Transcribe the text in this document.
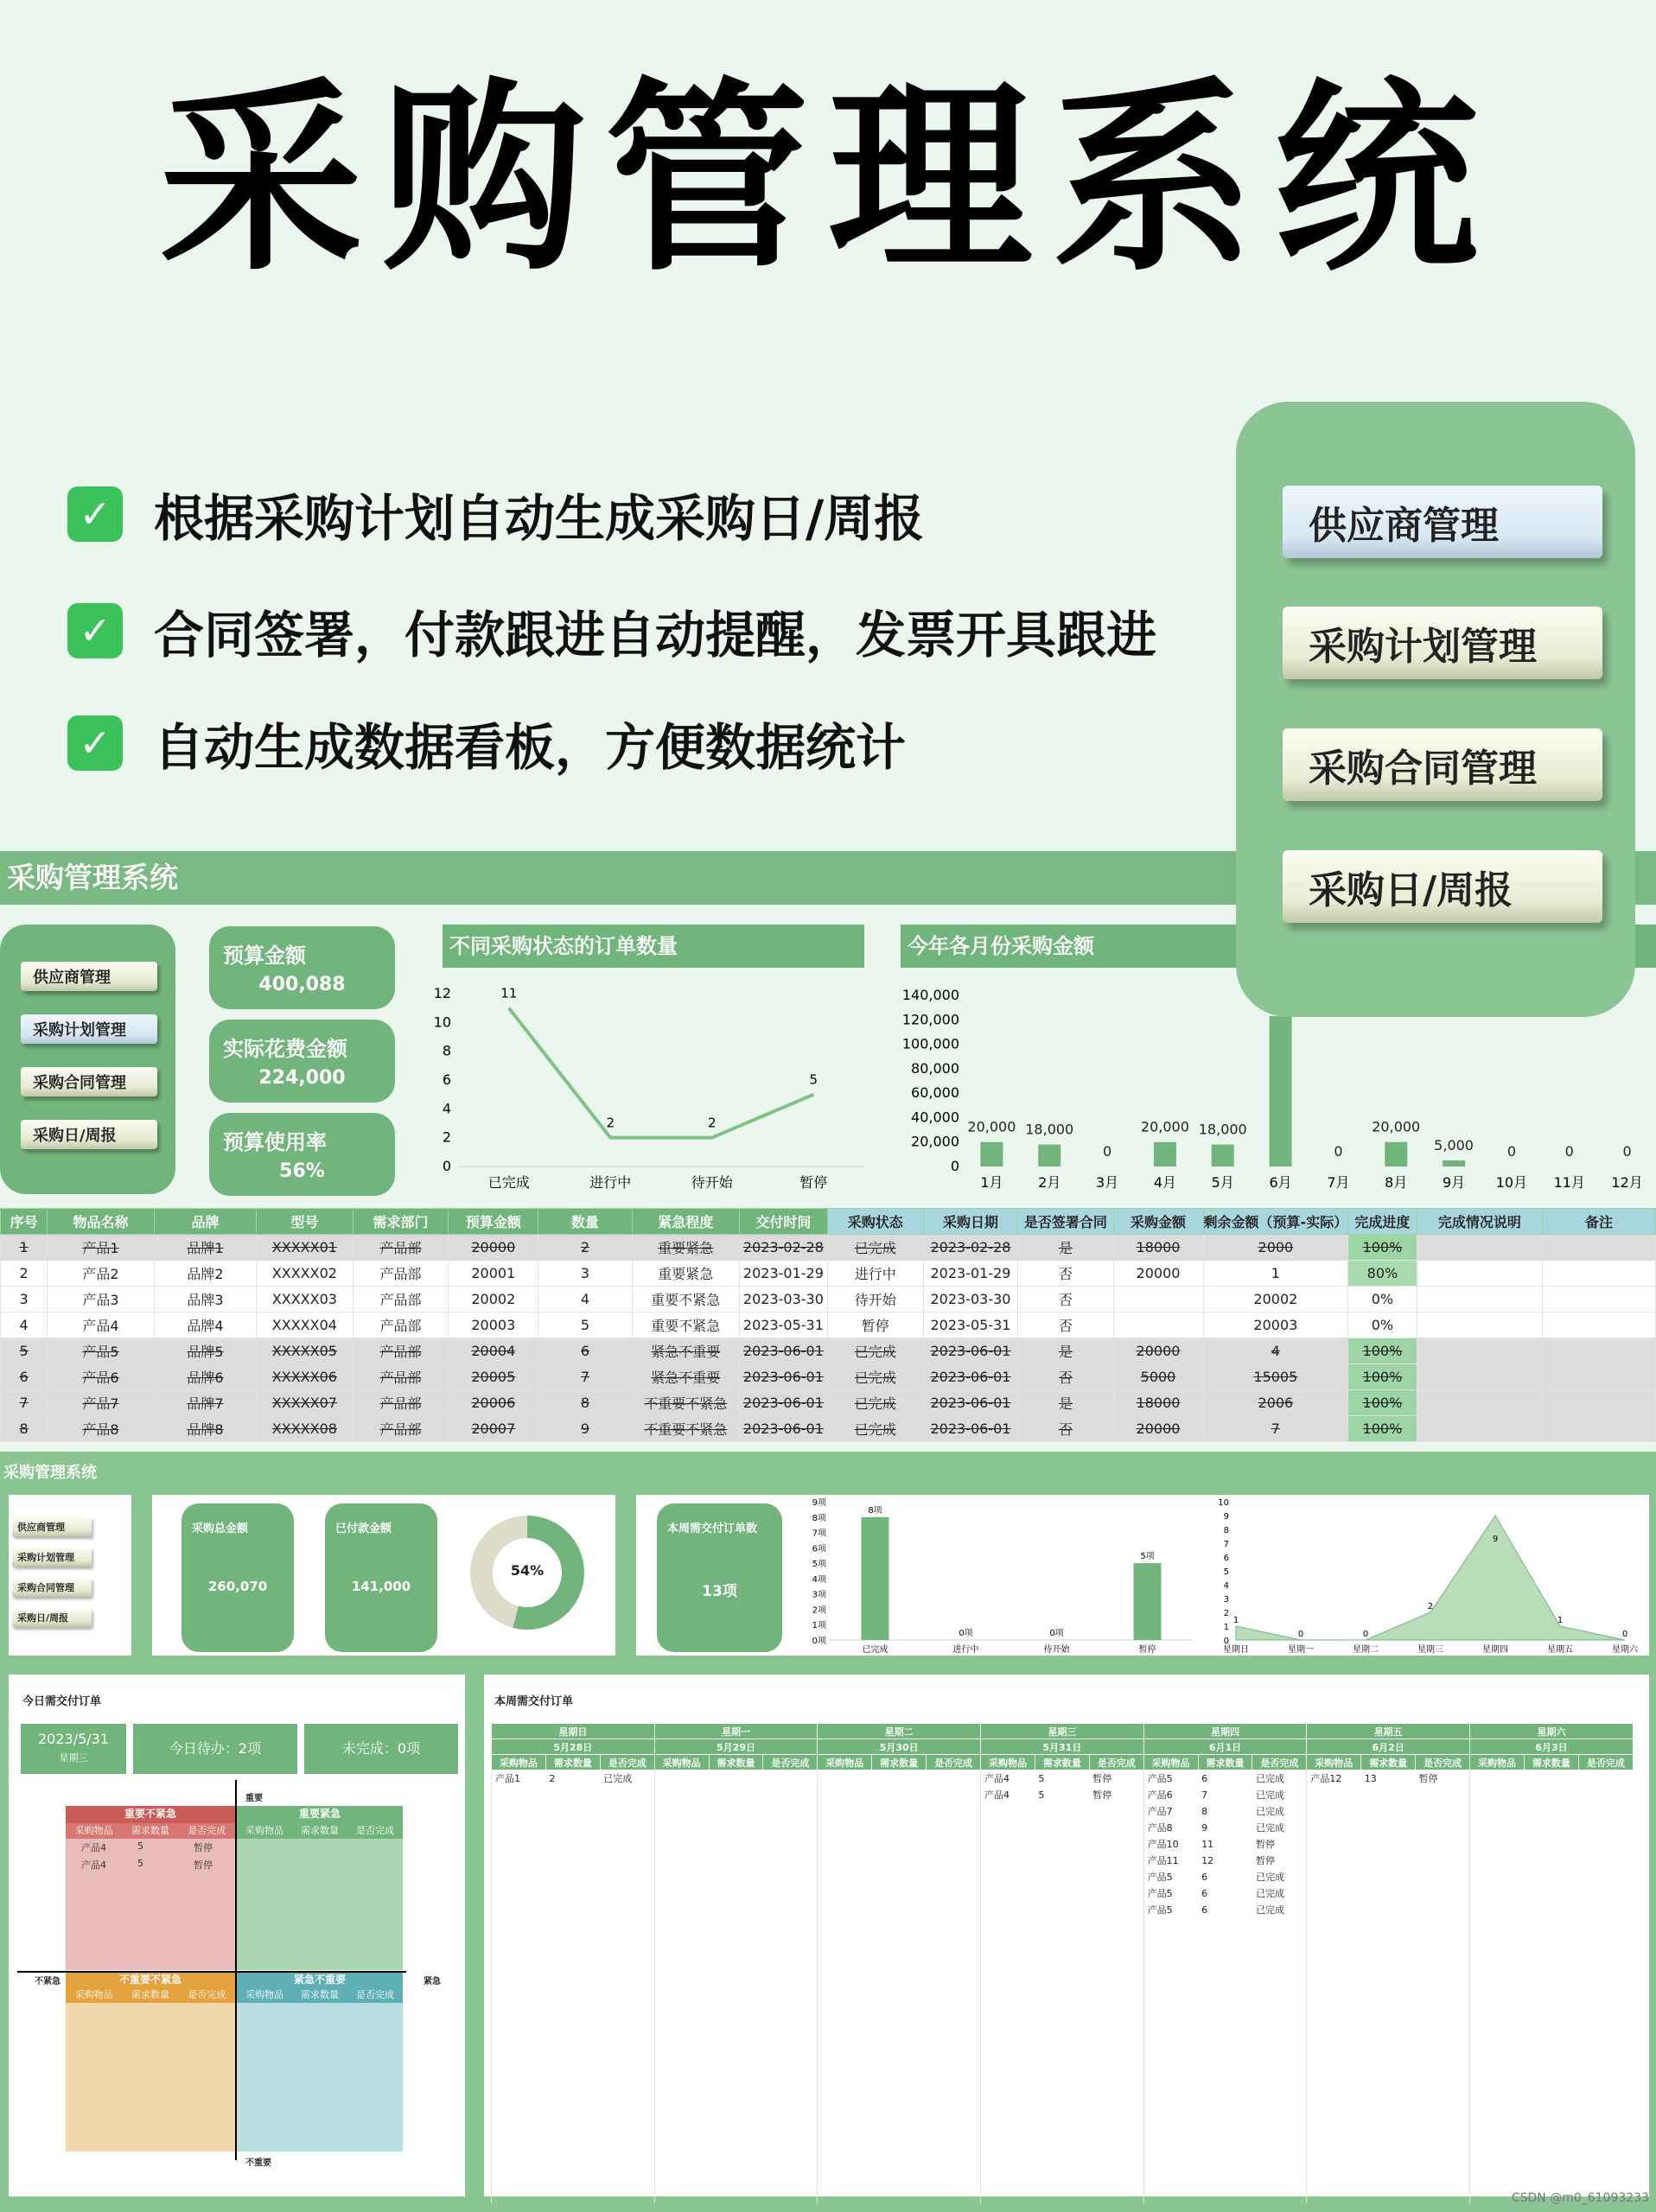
采购管理系统
✓ 根据采购计划自动生成采购日/周报
✓ 合同签署，付款跟进自动提醒，发票开具跟进
✓ 自动生成数据看板，方便数据统计
采购管理系统
供应商管理
采购计划管理
采购合同管理
采购日/周报
预算金额
400,088
实际花费金额
224,000
预算使用率
56%
不同采购状态的订单数量
0
2
4
6
8
10
12
已完成
11
进行中
2
待开始
2
暂停
5
今年各月份采购金额
0
20,000
40,000
60,000
80,000
100,000
120,000
140,000
20,000
1月
18,000
2月
0
3月
20,000
4月
18,000
5月	6月
0
7月
20,000
8月
5,000
9月
0
10月
0
11月
0
12月
序号	物品名称	品牌	型号	需求部门	预算金额	数量	紧急程度	交付时间	采购状态	采购日期	是否签署合同	采购金额	剩余金额（预算-实际）	完成进度	完成情况说明	备注
1	产品1	品牌1	XXXXX01	产品部	20000	2	重要紧急	2023-02-28	已完成	2023-02-28	是	18000	2000	100%		
2	产品2	品牌2	XXXXX02	产品部	20001	3	重要紧急	2023-01-29	进行中	2023-01-29	否	20000	1	80%		
3	产品3	品牌3	XXXXX03	产品部	20002	4	重要不紧急	2023-03-30	待开始	2023-03-30	否		20002	0%		
4	产品4	品牌4	XXXXX04	产品部	20003	5	重要不紧急	2023-05-31	暂停	2023-05-31	否		20003	0%		
5	产品5	品牌5	XXXXX05	产品部	20004	6	紧急不重要	2023-06-01	已完成	2023-06-01	是	20000	4	100%		
6	产品6	品牌6	XXXXX06	产品部	20005	7	紧急不重要	2023-06-01	已完成	2023-06-01	否	5000	15005	100%		
7	产品7	品牌7	XXXXX07	产品部	20006	8	不重要不紧急	2023-06-01	已完成	2023-06-01	是	18000	2006	100%		
8	产品8	品牌8	XXXXX08	产品部	20007	9	不重要不紧急	2023-06-01	已完成	2023-06-01	否	20000	7	100%		
供应商管理
采购计划管理
采购合同管理
采购日/周报
采购管理系统
供应商管理
采购计划管理
采购合同管理
采购日/周报
采购总金额
260,070
已付款金额
141,000
54%
本周需交付订单数
13项
0项
1项
2项
3项
4项
5项
6项
7项
8项
9项
8项
已完成
0项
进行中
0项
待开始
5项
暂停
0
1
2
3
4
5
6
7
8
9
10
星期日	星期一	星期二	星期三	星期四	星期五	星期六
1
0	0
2
9
1
0
今日需交付订单
2023/5/31
星期三
今日待办：2项	未完成：0项
重要不紧急
采购物品 需求数量 是否完成
产品4	5	暂停
产品4	5	暂停
重要紧急
采购物品 需求数量 是否完成
不重要不紧急
采购物品 需求数量 是否完成
紧急不重要
采购物品 需求数量 是否完成
重要
不重要
不紧急	紧急
本周需交付订单
星期日			星期一			星期二			星期三			星期四			星期五			星期六		
5月28日			5月29日			5月30日			5月31日			6月1日			6月2日			6月3日		
采购物品	需求数量	是否完成	采购物品	需求数量	是否完成	采购物品	需求数量	是否完成	采购物品	需求数量	是否完成	采购物品	需求数量	是否完成	采购物品	需求数量	是否完成	采购物品	需求数量	是否完成
产品1	2	已完成							产品4	5	暂停	产品5	6	已完成	产品12	13	暂停			
									产品4	5	暂停	产品6	7	已完成						
												产品7	8	已完成						
												产品8	9	已完成						
												产品10	11	暂停						
												产品11	12	暂停						
												产品5	6	已完成						
												产品5	6	已完成						
												产品5	6	已完成						

CSDN @m0_61093233
